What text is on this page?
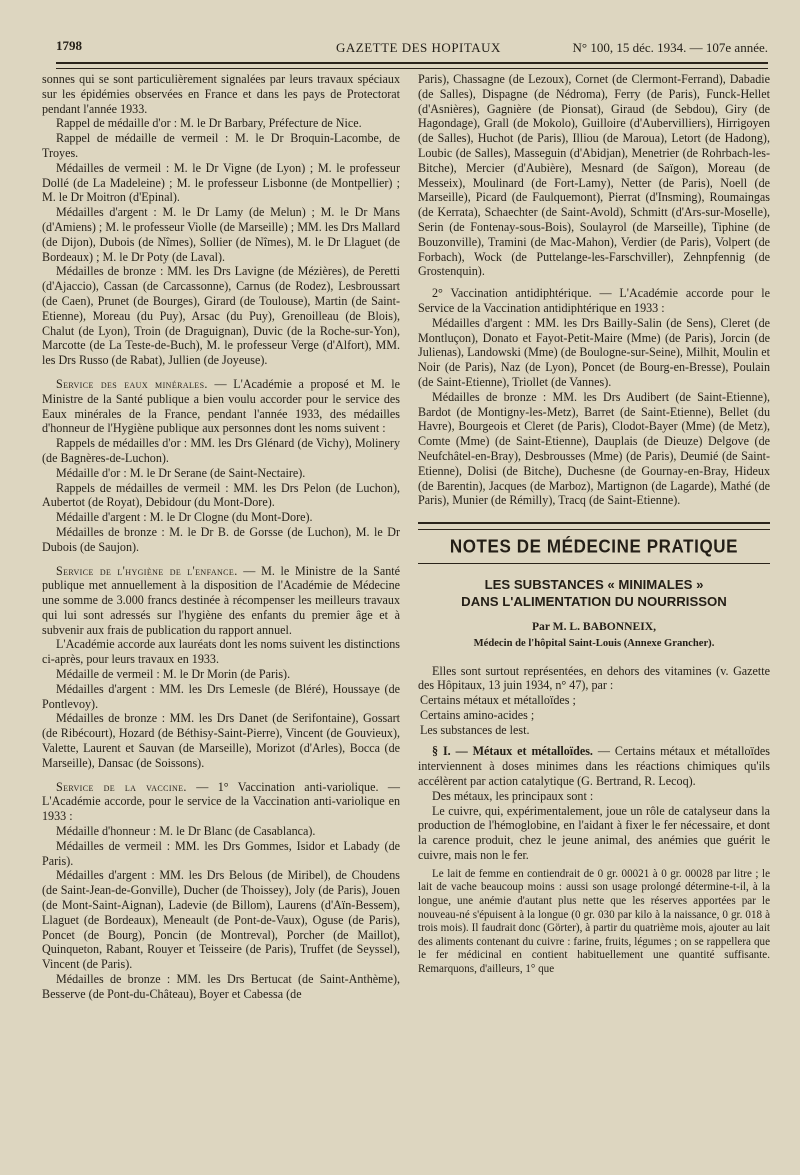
1798	GAZETTE DES HOPITAUX	N° 100, 15 déc. 1934. — 107e année.

sonnes qui se sont particulièrement signalées par leurs travaux spéciaux sur les épidémies observées en France et dans les pays de Protectorat pendant l'année 1933.

Rappel de médaille d'or : M. le Dr Barbary, Préfecture de Nice.

Rappel de médaille de vermeil : M. le Dr Broquin-Lacombe, de Troyes.

Médailles de vermeil : M. le Dr Vigne (de Lyon) ; M. le professeur Dollé (de La Madeleine) ; M. le professeur Lisbonne (de Montpellier) ; M. le Dr Moitron (d'Epinal).

Médailles d'argent : M. le Dr Lamy (de Melun) ; M. le Dr Mans (d'Amiens) ; M. le professeur Violle (de Marseille) ; MM. les Drs Mallard (de Dijon), Dubois (de Nîmes), Sollier (de Nîmes), M. le Dr Llaguet (de Bordeaux) ; M. le Dr Poty (de Laval).

Médailles de bronze : MM. les Drs Lavigne (de Mézières), de Peretti (d'Ajaccio), Cassan (de Carcassonne), Carnus (de Rodez), Lesbroussart (de Caen), Prunet (de Bourges), Girard (de Toulouse), Martin (de Saint-Etienne), Moreau (du Puy), Arsac (du Puy), Grenoilleau (de Blois), Chalut (de Lyon), Troin (de Draguignan), Duvic (de la Roche-sur-Yon), Marcotte (de La Teste-de-Buch), M. le professeur Verge (d'Alfort), MM. les Drs Russo (de Rabat), Jullien (de Joyeuse).

Service des eaux minérales. — L'Académie a proposé et M. le Ministre de la Santé publique a bien voulu accorder pour le service des Eaux minérales de la France, pendant l'année 1933, des médailles d'honneur de l'Hygiène publique aux personnes dont les noms suivent :

Rappels de médailles d'or : MM. les Drs Glénard (de Vichy), Molinery (de Bagnères-de-Luchon).

Médaille d'or : M. le Dr Serane (de Saint-Nectaire).

Rappels de médailles de vermeil : MM. les Drs Pelon (de Luchon), Aubertot (de Royat), Debidour (du Mont-Dore).

Médaille d'argent : M. le Dr Clogne (du Mont-Dore).

Médailles de bronze : M. le Dr B. de Gorsse (de Luchon), M. le Dr Dubois (de Saujon).

Service de l'hygiène de l'enfance. — M. le Ministre de la Santé publique met annuellement à la disposition de l'Académie de Médecine une somme de 3.000 francs destinée à récompenser les meilleurs travaux qui lui sont adressés sur l'hygiène des enfants du premier âge et à subvenir aux frais de publication du rapport annuel.

L'Académie accorde aux lauréats dont les noms suivent les distinctions ci-après, pour leurs travaux en 1933.

Médaille de vermeil : M. le Dr Morin (de Paris).

Médailles d'argent : MM. les Drs Lemesle (de Bléré), Houssaye (de Pontlevoy).

Médailles de bronze : MM. les Drs Danet (de Serifontaine), Gossart (de Ribécourt), Hozard (de Béthisy-Saint-Pierre), Vincent (de Gouvieux), Valette, Laurent et Sauvan (de Marseille), Morizot (d'Arles), Bocca (de Marseille), Dansac (de Soissons).

Service de la vaccine. — 1° Vaccination anti-variolique. — L'Académie accorde, pour le service de la Vaccination anti-variolique en 1933 :

Médaille d'honneur : M. le Dr Blanc (de Casablanca).

Médailles de vermeil : MM. les Drs Gommes, Isidor et Labady (de Paris).

Médailles d'argent : MM. les Drs Belous (de Miribel), de Choudens (de Saint-Jean-de-Gonville), Ducher (de Thoissey), Joly (de Paris), Jouen (de Mont-Saint-Aignan), Ladevie (de Billom), Laurens (d'Aïn-Bessem), Llaguet (de Bordeaux), Meneault (de Pont-de-Vaux), Oguse (de Paris), Poncet (de Bourg), Poncin (de Montreval), Porcher (de Maillot), Quinqueton, Rabant, Rouyer et Teisseire (de Paris), Truffet (de Seyssel), Vincent (de Paris).

Médailles de bronze : MM. les Drs Bertucat (de Saint-Anthème), Besserve (de Pont-du-Château), Boyer et Cabessa (de

Paris), Chassagne (de Lezoux), Cornet (de Clermont-Ferrand), Dabadie (de Salles), Dispagne (de Nédroma), Ferry (de Paris), Funck-Hellet (d'Asnières), Gagnière (de Pionsat), Giraud (de Sebdou), Giry (de Hagondage), Grall (de Mokolo), Guilloire (d'Aubervilliers), Hirrigoyen (de Salles), Huchot (de Paris), Illiou (de Maroua), Letort (de Hadong), Loubic (de Salles), Masseguin (d'Abidjan), Menetrier (de Rohrbach-les-Bitche), Mercier (d'Aubière), Mesnard (de Saïgon), Moreau (de Messeix), Moulinard (de Fort-Lamy), Netter (de Paris), Noell (de Marseille), Picard (de Faulquemont), Pierrat (d'Insming), Roumaingas (de Kerrata), Schaechter (de Saint-Avold), Schmitt (d'Ars-sur-Moselle), Serin (de Fontenay-sous-Bois), Soulayrol (de Marseille), Tiphine (de Bouzonville), Tramini (de Mac-Mahon), Verdier (de Paris), Volpert (de Forbach), Wock (de Puttelange-les-Farschviller), Zehnpfennig (de Grostenquin).

2° Vaccination antidiphtérique. — L'Académie accorde pour le Service de la Vaccination antidiphtérique en 1933 :

Médailles d'argent : MM. les Drs Bailly-Salin (de Sens), Cleret (de Montluçon), Donato et Fayot-Petit-Maire (Mme) (de Paris), Jorcin (de Julienas), Landowski (Mme) (de Boulogne-sur-Seine), Milhit, Moulin et Noir (de Paris), Naz (de Lyon), Poncet (de Bourg-en-Bresse), Poulain (de Saint-Etienne), Triollet (de Vannes).

Médailles de bronze : MM. les Drs Audibert (de Saint-Etienne), Bardot (de Montigny-les-Metz), Barret (de Saint-Etienne), Bellet (du Havre), Bourgeois et Cleret (de Paris), Clodot-Bayer (Mme) (de Metz), Comte (Mme) (de Saint-Etienne), Dauplais (de Dieuze) Delgove (de Neufchâtel-en-Bray), Desbrousses (Mme) (de Paris), Deumié (de Saint-Etienne), Dolisi (de Bitche), Duchesne (de Gournay-en-Bray, Hideux (de Barentin), Jacques (de Marboz), Martignon (de Lagarde), Mathé (de Paris), Munier (de Rémilly), Tracq (de Saint-Etienne).

NOTES DE MÉDECINE PRATIQUE
LES SUBSTANCES « MINIMALES »
DANS L'ALIMENTATION DU NOURRISSON
Par M. L. BABONNEIX,
Médecin de l'hôpital Saint-Louis (Annexe Grancher).

Elles sont surtout représentées, en dehors des vitamines (v. Gazette des Hôpitaux, 13 juin 1934, n° 47), par :

Certains métaux et métalloïdes ;

Certains amino-acides ;

Les substances de lest.

§ I. — Métaux et métalloïdes. — Certains métaux et métalloïdes interviennent à doses minimes dans les réactions chimiques qu'ils accélèrent par action catalytique (G. Bertrand, R. Lecoq).

Des métaux, les principaux sont :

Le cuivre, qui, expérimentalement, joue un rôle de catalyseur dans la production de l'hémoglobine, en l'aidant à fixer le fer nécessaire, et dont la carence produit, chez le jeune animal, des anémies que guérit le cuivre, mais non le fer.

Le lait de femme en contiendrait de 0 gr. 00021 à 0 gr. 00028 par litre ; le lait de vache beaucoup moins : aussi son usage prolongé détermine-t-il, à la longue, une anémie d'autant plus nette que les réserves apportées par le nouveau-né s'épuisent à la longue (0 gr. 030 par kilo à la naissance, 0 gr. 018 à trois mois). Il faudrait donc (Görter), à partir du quatrième mois, ajouter au lait des aliments contenant du cuivre : farine, fruits, légumes ; on se rappellera que le fer médicinal en contient habituellement une quantité suffisante. Remarquons, d'ailleurs, 1° que
